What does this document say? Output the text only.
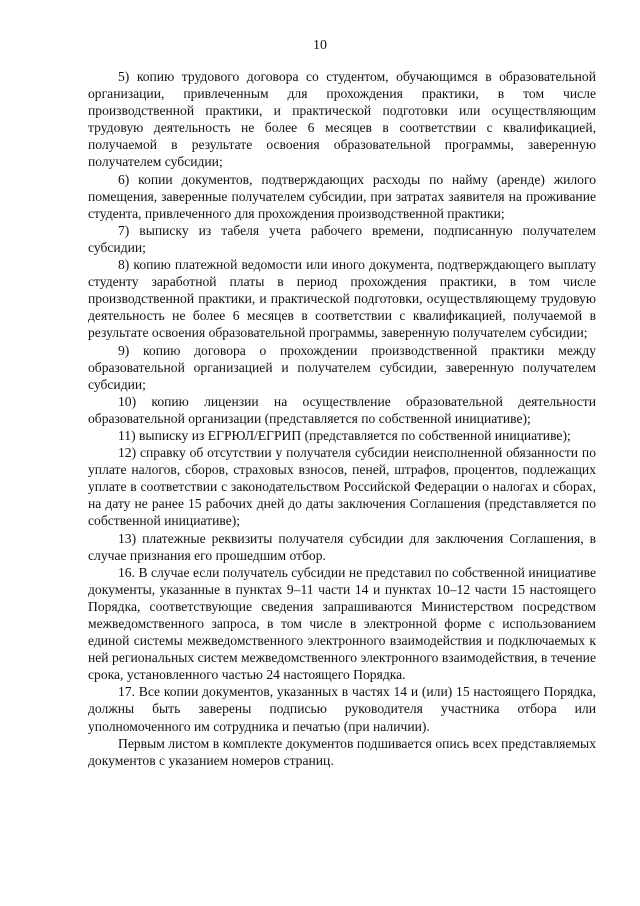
10

5) копию трудового договора со студентом, обучающимся в образовательной организации, привлеченным для прохождения практики, в том числе производственной практики, и практической подготовки или осуществляющим трудовую деятельность не более 6 месяцев в соответствии с квалификацией, получаемой в результате освоения образовательной программы, заверенную получателем субсидии;

6) копии документов, подтверждающих расходы по найму (аренде) жилого помещения, заверенные получателем субсидии, при затратах заявителя на проживание студента, привлеченного для прохождения производственной практики;

7) выписку из табеля учета рабочего времени, подписанную получателем субсидии;

8) копию платежной ведомости или иного документа, подтверждающего выплату студенту заработной платы в период прохождения практики, в том числе производственной практики, и практической подготовки, осуществляющему трудовую деятельность не более 6 месяцев в соответствии с квалификацией, получаемой в результате освоения образовательной программы, заверенную получателем субсидии;

9) копию договора о прохождении производственной практики между образовательной организацией и получателем субсидии, заверенную получателем субсидии;

10) копию лицензии на осуществление образовательной деятельности образовательной организации (представляется по собственной инициативе);

11) выписку из ЕГРЮЛ/ЕГРИП (представляется по собственной инициативе);

12) справку об отсутствии у получателя субсидии неисполненной обязанности по уплате налогов, сборов, страховых взносов, пеней, штрафов, процентов, подлежащих уплате в соответствии с законодательством Российской Федерации о налогах и сборах, на дату не ранее 15 рабочих дней до даты заключения Соглашения (представляется по собственной инициативе);

13) платежные реквизиты получателя субсидии для заключения Соглашения, в случае признания его прошедшим отбор.

16. В случае если получатель субсидии не представил по собственной инициативе документы, указанные в пунктах 9–11 части 14 и пунктах 10–12 части 15 настоящего Порядка, соответствующие сведения запрашиваются Министерством посредством межведомственного запроса, в том числе в электронной форме с использованием единой системы межведомственного электронного взаимодействия и подключаемых к ней региональных систем межведомственного электронного взаимодействия, в течение срока, установленного частью 24 настоящего Порядка.

17. Все копии документов, указанных в частях 14 и (или) 15 настоящего Порядка, должны быть заверены подписью руководителя участника отбора или уполномоченного им сотрудника и печатью (при наличии).

Первым листом в комплекте документов подшивается опись всех представляемых документов с указанием номеров страниц.
